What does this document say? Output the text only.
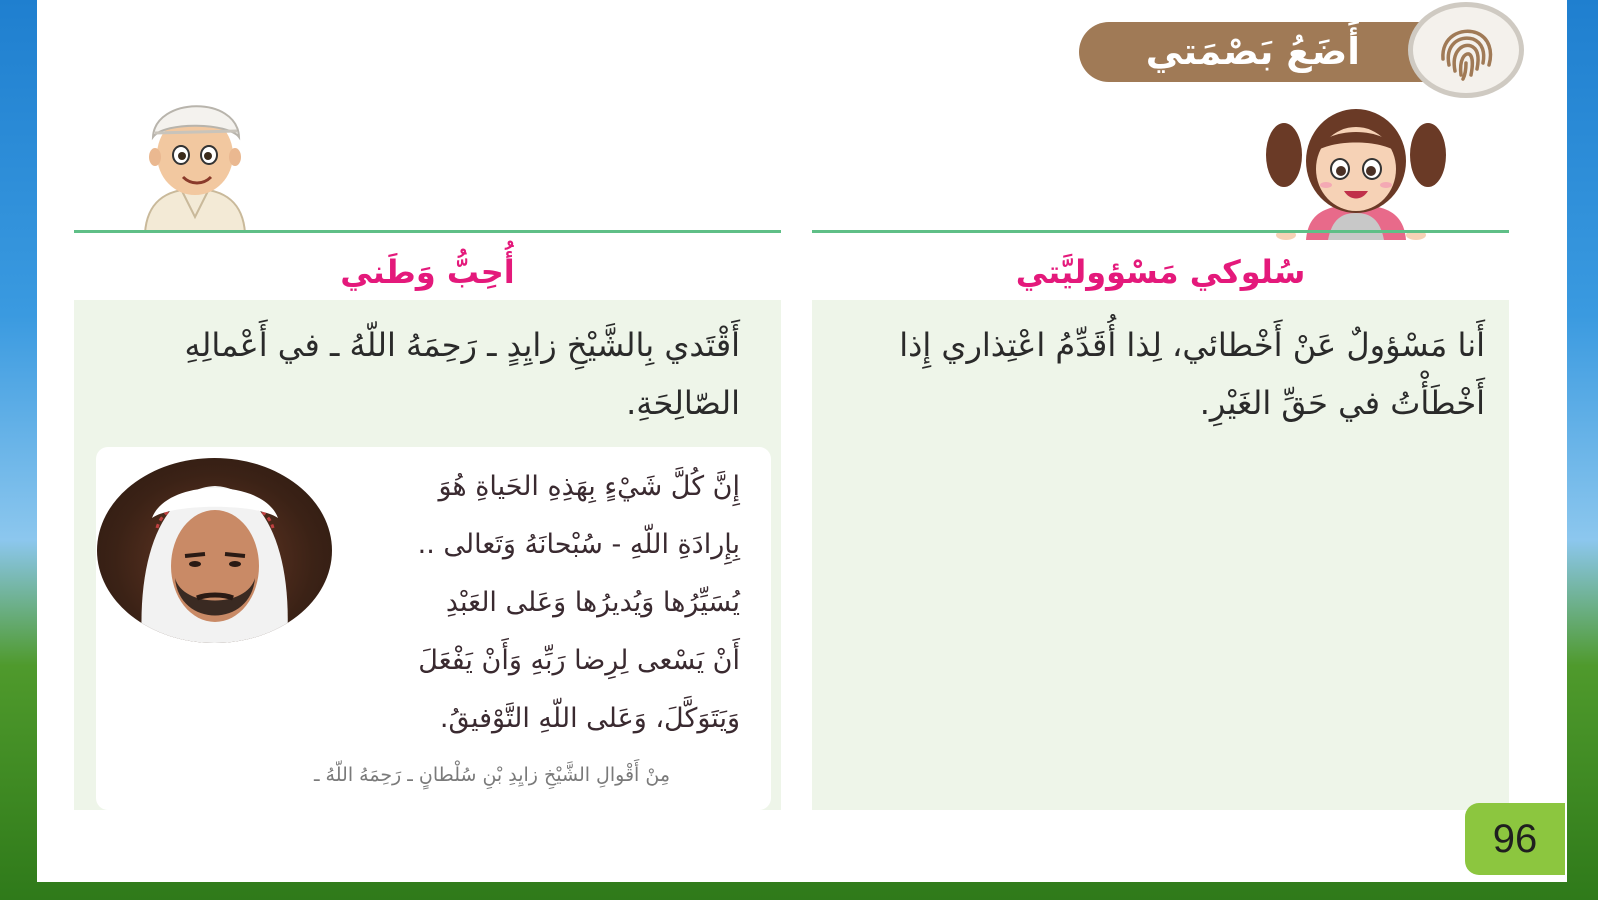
أَضَعُ بَصْمَتي
أُحِبُّ وَطَني	سُلوكي مَسْؤوليَّتي
أَقْتَدي بِالشَّيْخِ زايِدٍ ـ رَحِمَهُ اللّهُ ـ في أَعْمالِهِ
الصّالِحَةِ.
أَنا مَسْؤولٌ عَنْ أَخْطائي، لِذا أُقَدِّمُ اعْتِذاري إِذا
أَخْطَأْتُ في حَقِّ الغَيْرِ.
إِنَّ كُلَّ شَيْءٍ بِهَذِهِ الحَياةِ هُوَ
بِإِرادَةِ اللّهِ - سُبْحانَهُ وَتَعالى ..
يُسَيِّرُها وَيُديرُها وَعَلى العَبْدِ
أَنْ يَسْعى لِرِضا رَبِّهِ وَأَنْ يَفْعَلَ
وَيَتَوَكَّلَ، وَعَلى اللّهِ التَّوْفيقُ.
مِنْ أَقْوالِ الشَّيْخِ زايِدِ بْنِ سُلْطانٍ ـ رَحِمَهُ اللّهُ ـ
96
